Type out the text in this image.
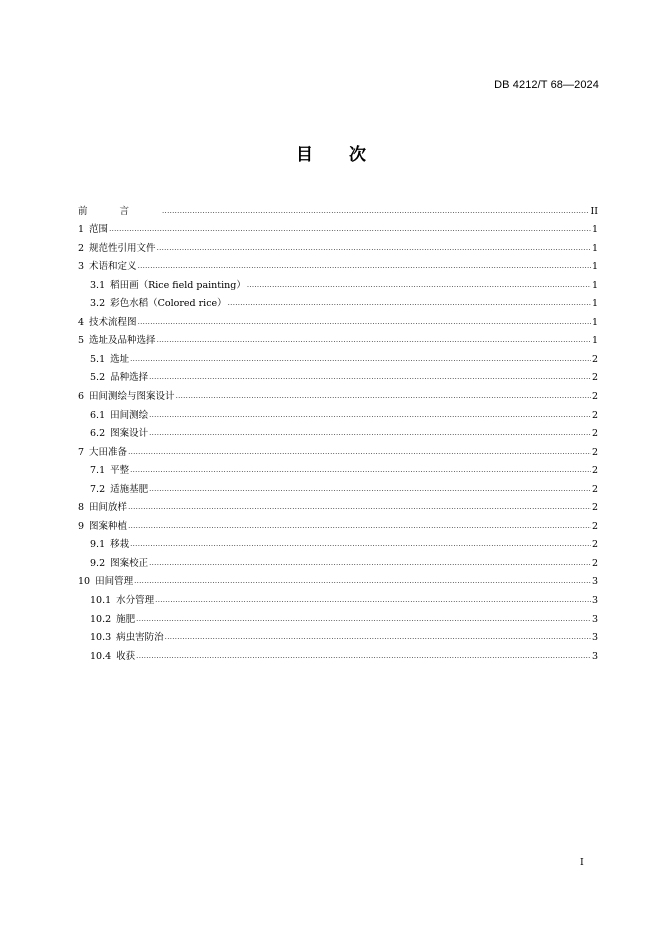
DB 4212/T 68—2024
目 次
前言 ·····	II
1 范围 ·····	1
2 规范性引用文件 ·····	1
3 术语和定义 ·····	1
3.1 稻田画（Rice field painting） ·····	1
3.2 彩色水稻（Colored rice） ·····	1
4 技术流程图 ·····	1
5 选址及品种选择 ·····	1
5.1 选址 ·····	2
5.2 品种选择 ·····	2
6 田间测绘与图案设计 ·····	2
6.1 田间测绘 ·····	2
6.2 图案设计 ·····	2
7 大田准备 ·····	2
7.1 平整 ·····	2
7.2 适施基肥 ·····	2
8 田间放样 ·····	2
9 图案种植 ·····	2
9.1 移栽 ·····	2
9.2 图案校正 ·····	2
10 田间管理 ·····	3
10.1 水分管理 ·····	3
10.2 施肥 ·····	3
10.3 病虫害防治 ·····	3
10.4 收获 ·····	3
I
